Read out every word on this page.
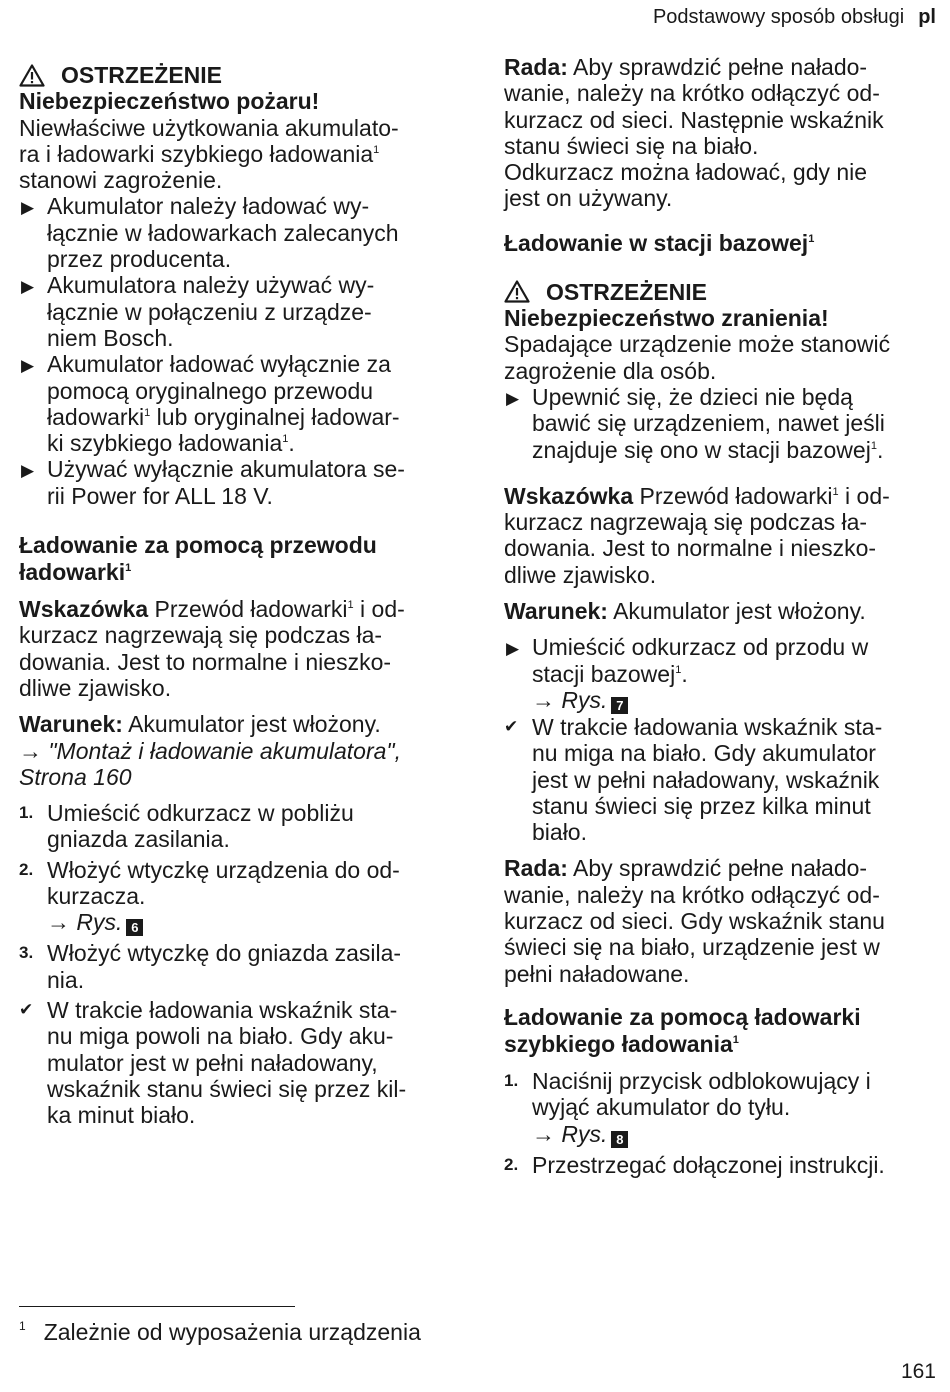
Podstawowy sposób obsługi pl
OSTRZEŻENIE

Niebezpieczeństwo pożaru!

Niewłaściwe użytkowania akumulato-
ra i ładowarki szybkiego ładowania$^1$
stanowi zagrożenie.

▶ Akumulator należy ładować wy-
łącznie w ładowarkach zalecanych
przez producenta.
▶ Akumulatora należy używać wy-
łącznie w połączeniu z urządze-
niem Bosch.
▶ Akumulator ładować wyłącznie za
pomocą oryginalnego przewodu
ładowarki$^1$ lub oryginalnej ładowar-
ki szybkiego ładowania$^1$.
▶ Używać wyłącznie akumulatora se-
rii Power for ALL 18 V.
Ładowanie za pomocą przewodu
ładowarki$^1$

Wskazówka Przewód ładowarki$^1$ i od-
kurzacz nagrzewają się podczas ła-
dowania. Jest to normalne i nieszko-
dliwe zjawisko.

Warunek: Akumulator jest włożony.
→ "Montaż i ładowanie akumulatora",
Strona 160

1. Umieścić odkurzacz w pobliżu
gniazda zasilania.
2. Włożyć wtyczkę urządzenia do od-
kurzacza.
→ Rys. 6
3. Włożyć wtyczkę do gniazda zasila-
nia.
✔ W trakcie ładowania wskaźnik sta-
nu miga powoli na biało. Gdy aku-
mulator jest w pełni naładowany,
wskaźnik stanu świeci się przez kil-
ka minut biało.

Rada: Aby sprawdzić pełne nałado-
wanie, należy na krótko odłączyć od-
kurzacz od sieci. Następnie wskaźnik
stanu świeci się na biało.
Odkurzacz można ładować, gdy nie
jest on używany.

Ładowanie w stacji bazowej$^1$
OSTRZEŻENIE

Niebezpieczeństwo zranienia!

Spadające urządzenie może stanowić
zagrożenie dla osób.

▶ Upewnić się, że dzieci nie będą
bawić się urządzeniem, nawet jeśli
znajduje się ono w stacji bazowej$^1$.

Wskazówka Przewód ładowarki$^1$ i od-
kurzacz nagrzewają się podczas ła-
dowania. Jest to normalne i nieszko-
dliwe zjawisko.

Warunek: Akumulator jest włożony.

▶ Umieścić odkurzacz od przodu w
stacji bazowej$^1$.
→ Rys. 7
✔ W trakcie ładowania wskaźnik sta-
nu miga na biało. Gdy akumulator
jest w pełni naładowany, wskaźnik
stanu świeci się przez kilka minut
biało.

Rada: Aby sprawdzić pełne nałado-
wanie, należy na krótko odłączyć od-
kurzacz od sieci. Gdy wskaźnik stanu
świeci się na biało, urządzenie jest w
pełni naładowane.

Ładowanie za pomocą ładowarki
szybkiego ładowania$^1$
1. Naciśnij przycisk odblokowujący i
wyjąć akumulator do tyłu.
→ Rys. 8
2. Przestrzegać dołączonej instrukcji.
$^1$ Zależnie od wyposażenia urządzenia
161
